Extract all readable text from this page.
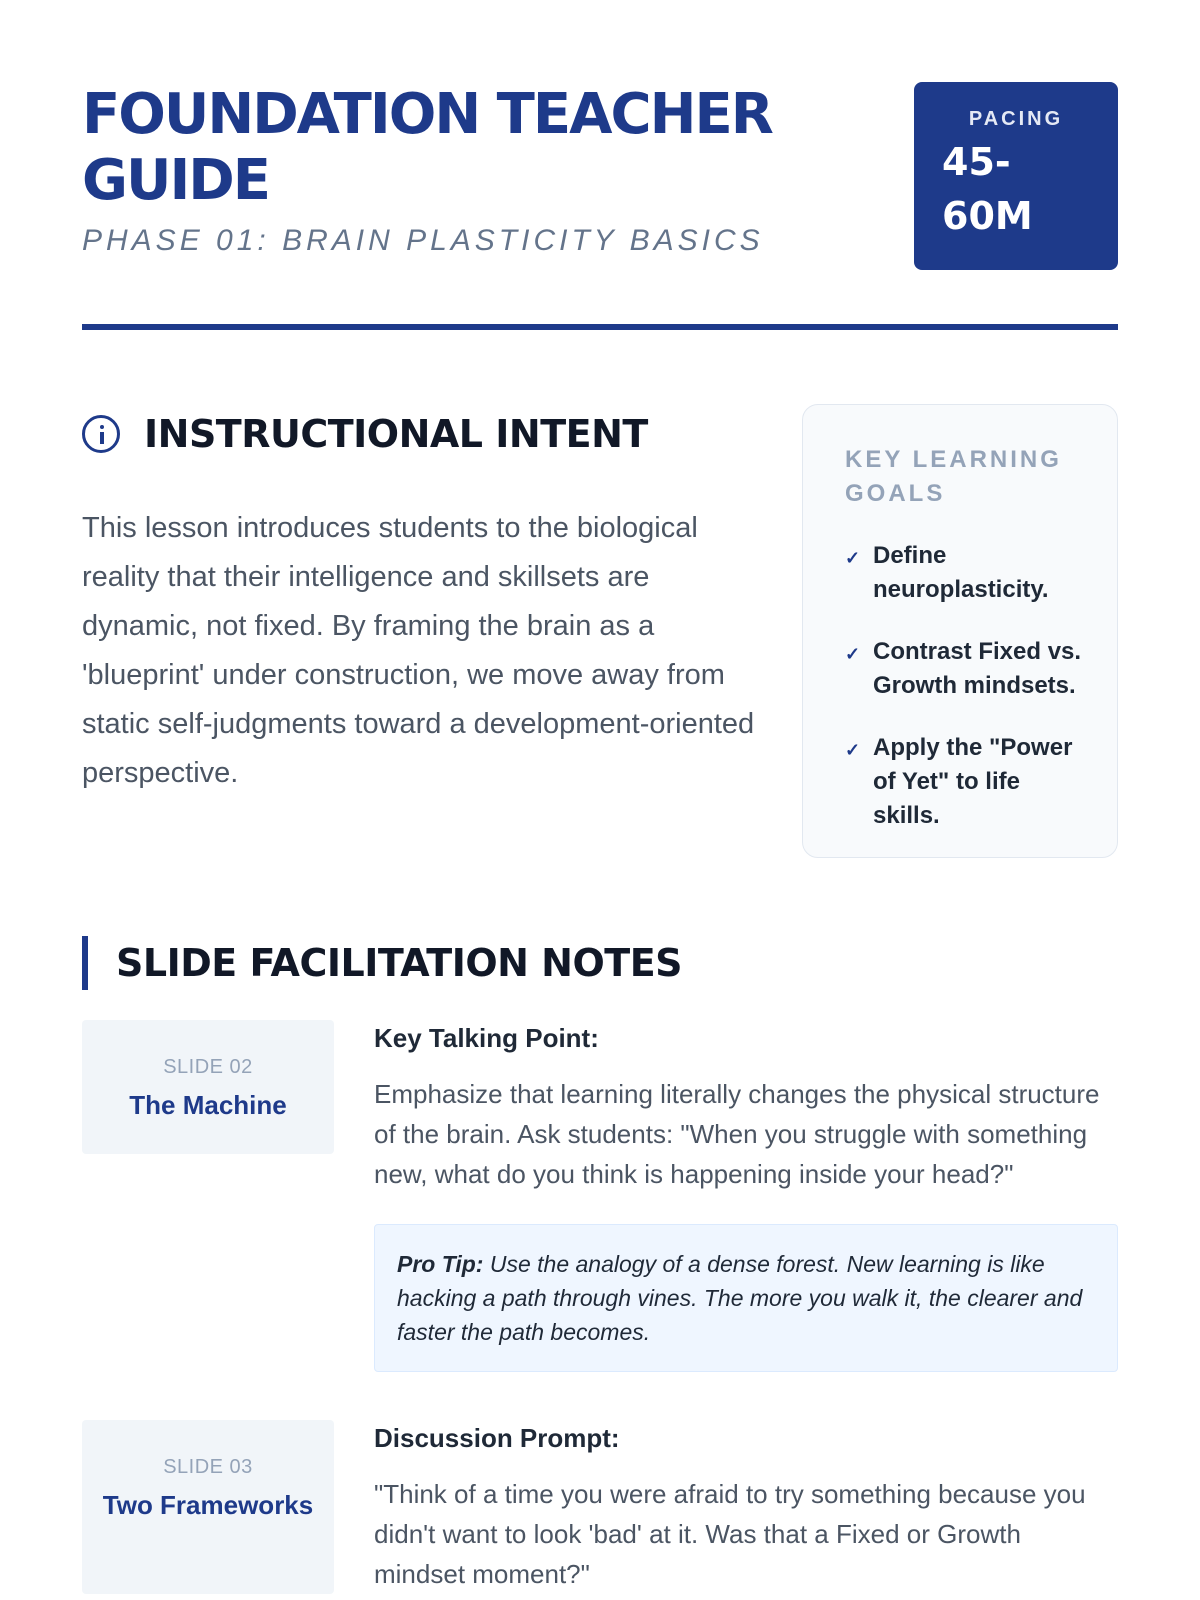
FOUNDATION TEACHER GUIDE
PHASE 01: BRAIN PLASTICITY BASICS
PACING
45-60M
INSTRUCTIONAL INTENT

This lesson introduces students to the biological reality that their intelligence and skillsets are dynamic, not fixed. By framing the brain as a 'blueprint' under construction, we move away from static self-judgments toward a development-oriented perspective.

KEY LEARNING GOALS
✓ Define neuroplasticity.
✓ Contrast Fixed vs. Growth mindsets.
✓ Apply the "Power of Yet" to life skills.
SLIDE FACILITATION NOTES
SLIDE 02
The Machine
Key Talking Point:

Emphasize that learning literally changes the physical structure of the brain. Ask students: "When you struggle with something new, what do you think is happening inside your head?"

Pro Tip: Use the analogy of a dense forest. New learning is like hacking a path through vines. The more you walk it, the clearer and faster the path becomes.
SLIDE 03
Two Frameworks
Discussion Prompt:

"Think of a time you were afraid to try something because you didn't want to look 'bad' at it. Was that a Fixed or Growth mindset moment?"
